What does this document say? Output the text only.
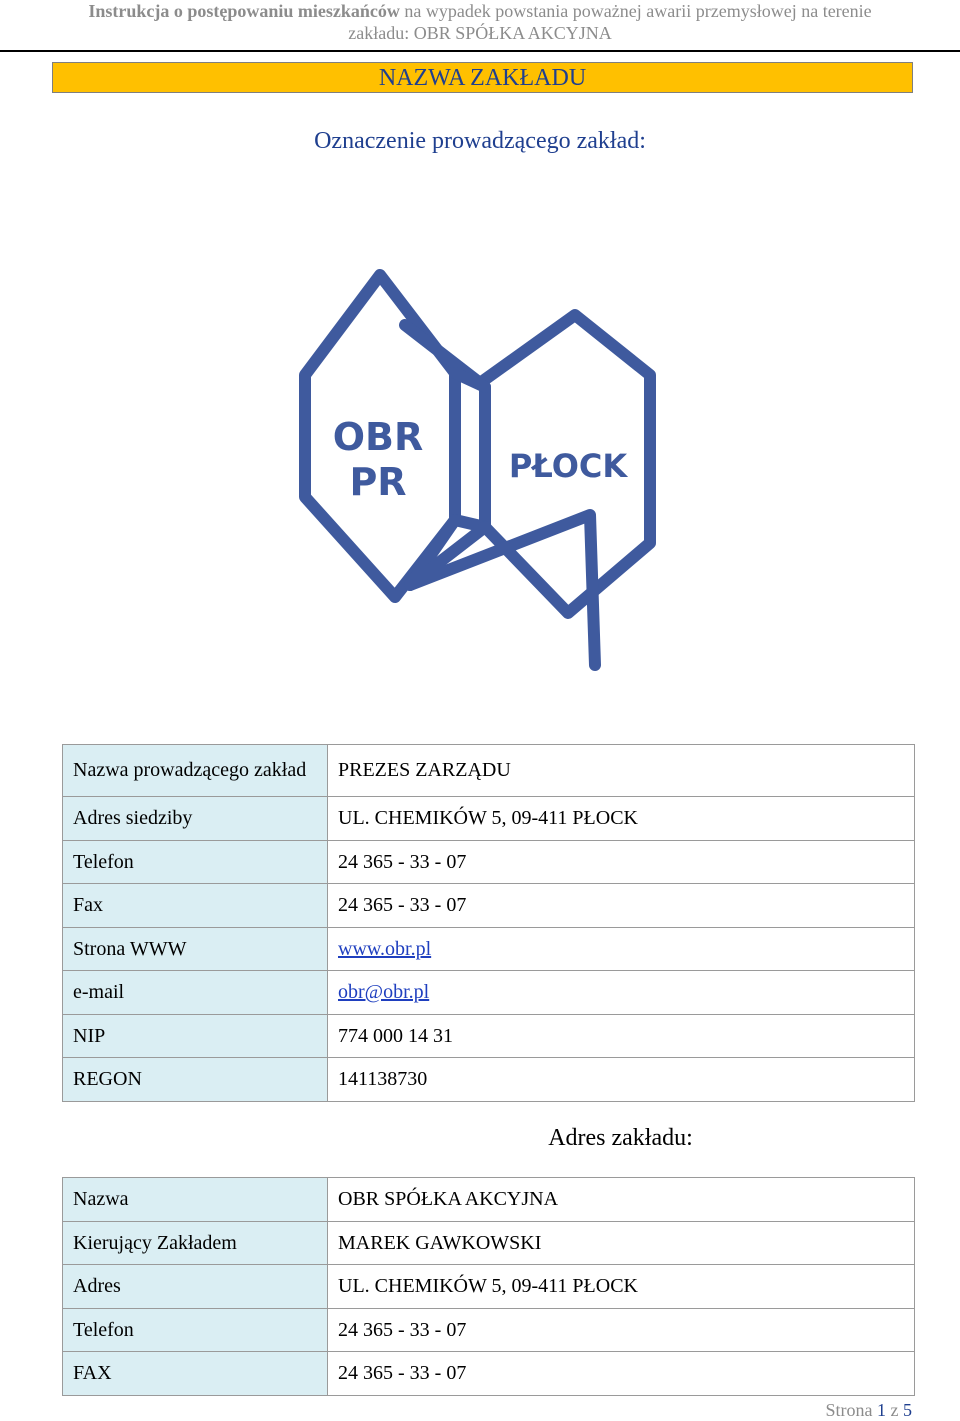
Instrukcja o postępowaniu mieszkańców na wypadek powstania poważnej awarii przemysłowej na terenie
zakładu: OBR SPÓŁKA AKCYJNA
NAZWA ZAKŁADU
Oznaczenie prowadzącego zakład:
OBR
PR	PŁOCK
Nazwa prowadzącego zakład	PREZES ZARZĄDU
Adres siedziby	UL. CHEMIKÓW 5, 09-411 PŁOCK
Telefon	24 365 - 33 - 07
Fax	24 365 - 33 - 07
Strona WWW	www.obr.pl
e-mail	obr@obr.pl
NIP	774 000 14 31
REGON	141138730
Adres zakładu:
Nazwa	OBR SPÓŁKA AKCYJNA
Kierujący Zakładem	MAREK GAWKOWSKI
Adres	UL. CHEMIKÓW 5, 09-411 PŁOCK
Telefon	24 365 - 33 - 07
FAX	24 365 - 33 - 07
Strona 1 z 5
